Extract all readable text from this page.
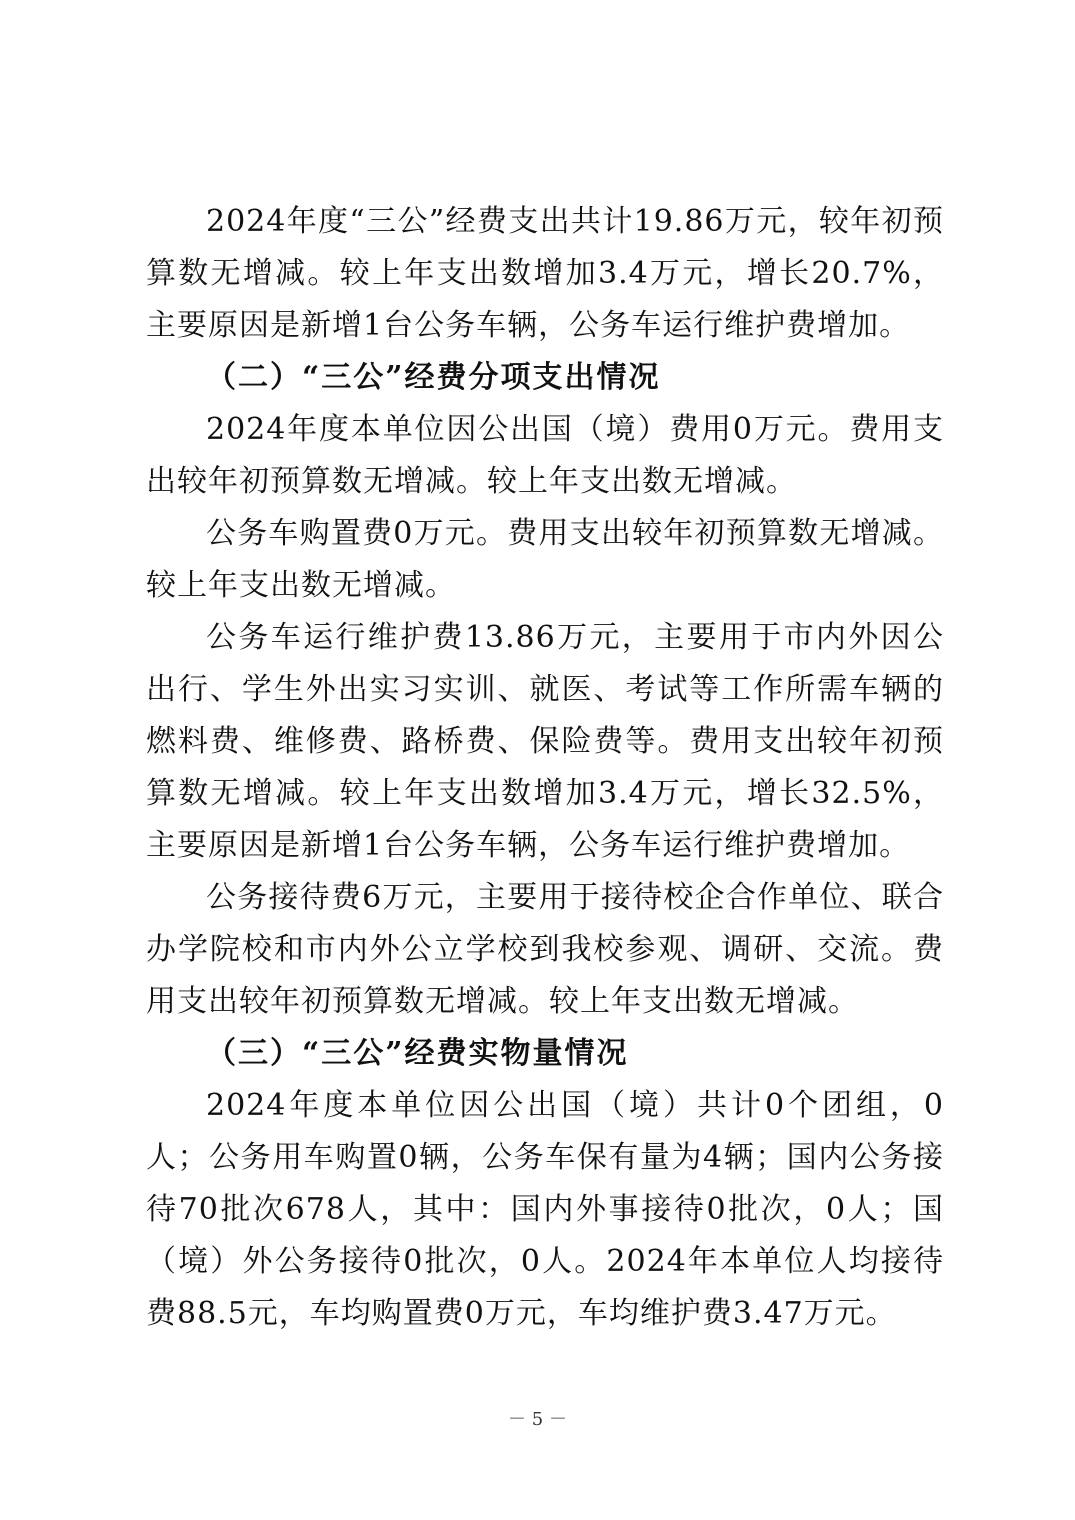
2024年度“三公”经费支出共计19.86万元，较年初预算数无增减。较上年支出数增加3.4万元，增长20.7%，主要原因是新增1台公务车辆，公务车运行维护费增加。

（二）“三公”经费分项支出情况

2024年度本单位因公出国（境）费用0万元。费用支出较年初预算数无增减。较上年支出数无增减。

公务车购置费0万元。费用支出较年初预算数无增减。较上年支出数无增减。

公务车运行维护费13.86万元，主要用于市内外因公出行、学生外出实习实训、就医、考试等工作所需车辆的燃料费、维修费、路桥费、保险费等。费用支出较年初预算数无增减。较上年支出数增加3.4万元，增长32.5%，主要原因是新增1台公务车辆，公务车运行维护费增加。

公务接待费6万元，主要用于接待校企合作单位、联合办学院校和市内外公立学校到我校参观、调研、交流。费用支出较年初预算数无增减。较上年支出数无增减。

（三）“三公”经费实物量情况

2024年度本单位因公出国（境）共计0个团组，0人；公务用车购置0辆，公务车保有量为4辆；国内公务接待70批次678人，其中：国内外事接待0批次，0人；国（境）外公务接待0批次，0人。2024年本单位人均接待费88.5元，车均购置费0万元，车均维护费3.47万元。

－ 5 －
